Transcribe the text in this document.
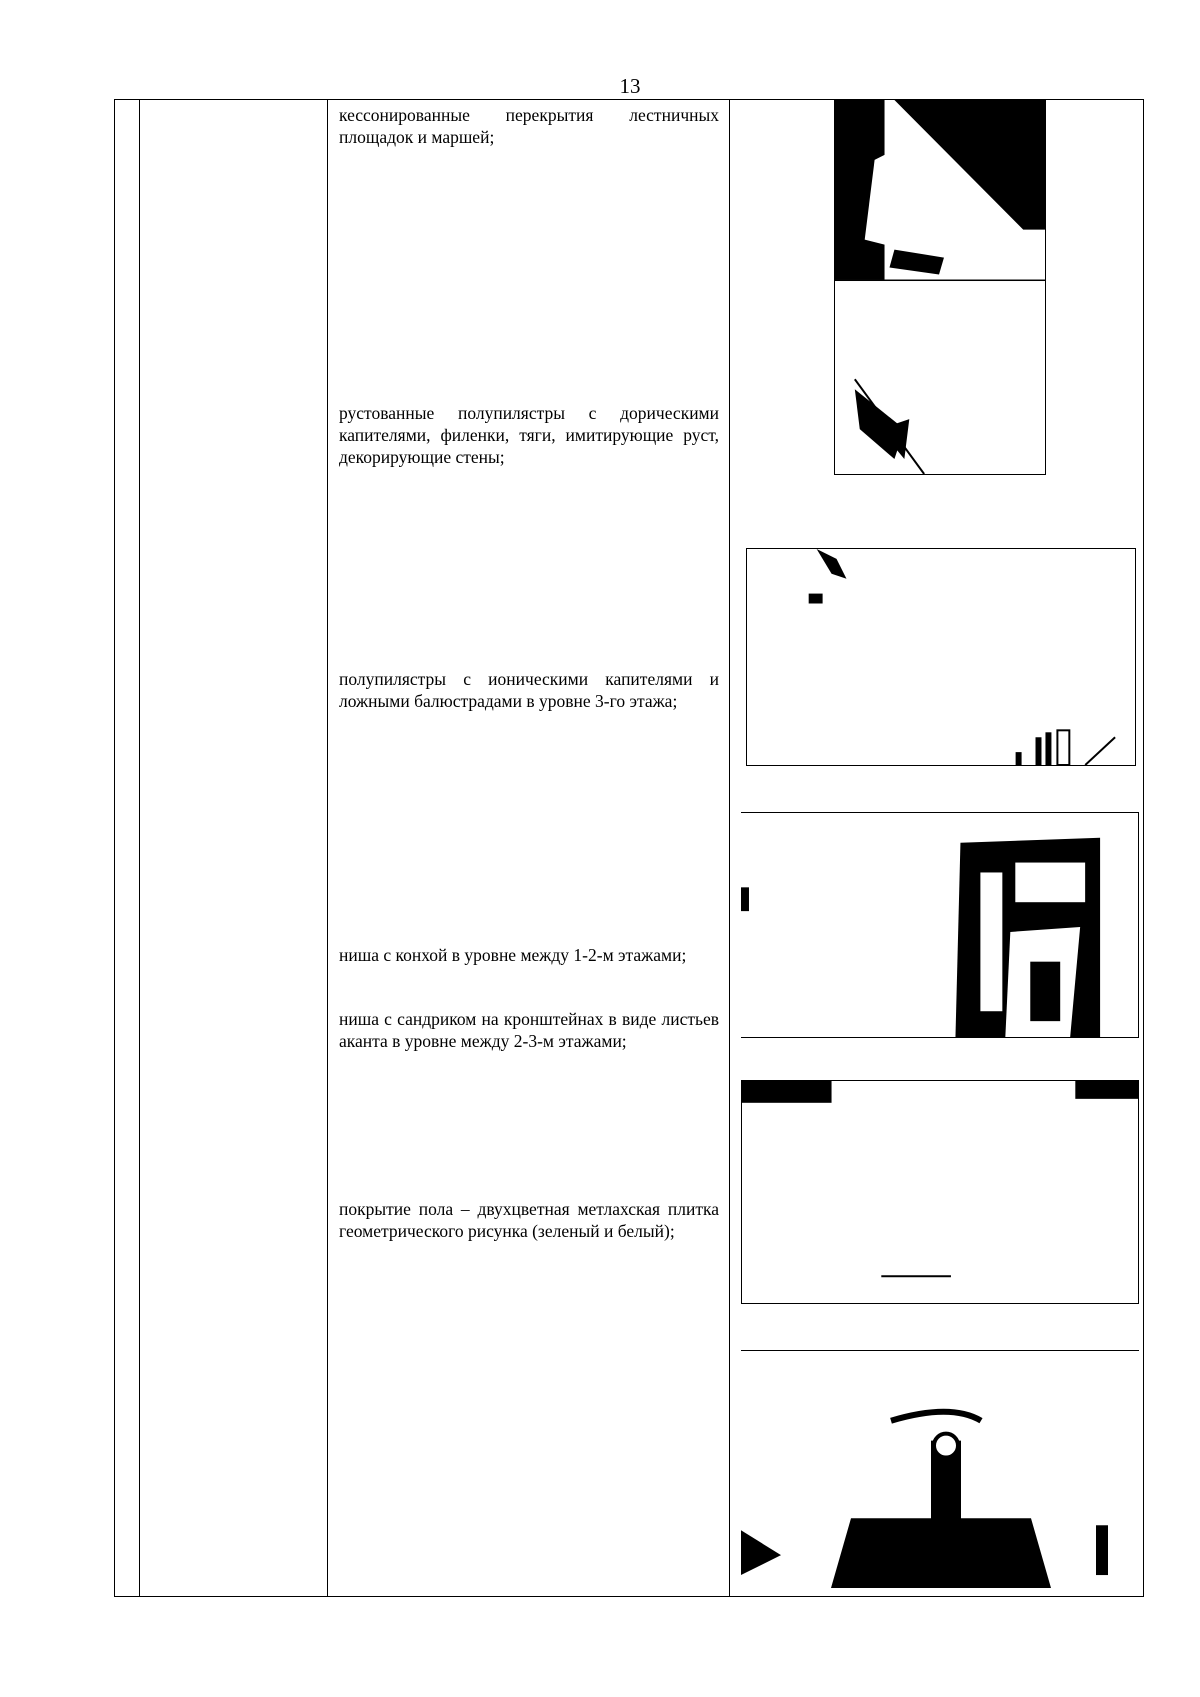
13
кессонированные перекрытия лестничных площадок и маршей;
рустованные полупилястры с дорическими капителями, филенки, тяги, имитирующие руст, декорирующие стены;
полупилястры с ионическими капителями и ложными балюстрадами в уровне 3-го этажа;
ниша с конхой в уровне между 1-2-м этажами;
ниша с сандриком на кронштейнах в виде листьев аканта в уровне между 2-3-м этажами;
покрытие пола – двухцветная метлахская плитка геометрического рисунка (зеленый и белый);
